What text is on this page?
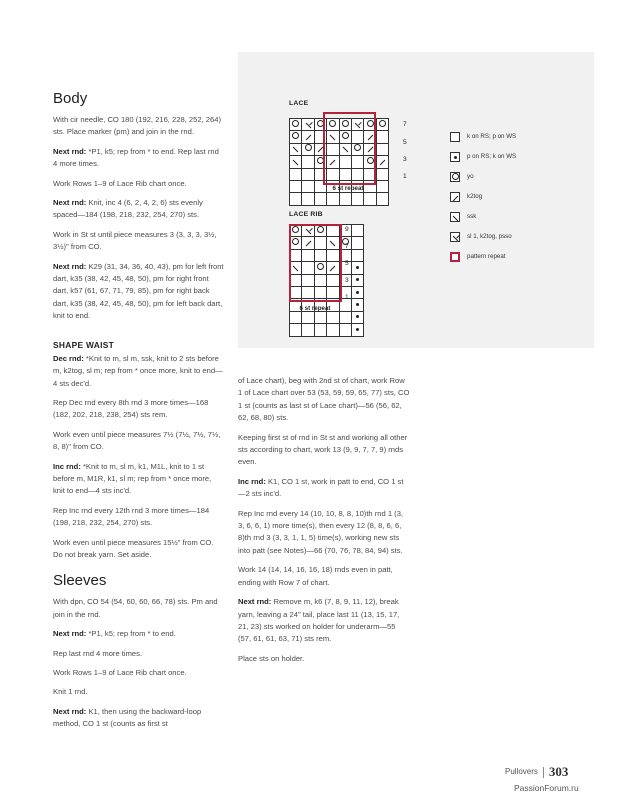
Body

With cir needle, CO 180 (192, 216, 228, 252, 264) sts. Place marker (pm) and join in the rnd.

Next rnd: *P1, k5; rep from * to end. Rep last rnd 4 more times.

Work Rows 1–9 of Lace Rib chart once.

Next rnd: Knit, inc 4 (6, 2, 4, 2, 6) sts evenly spaced—184 (198, 218, 232, 254, 270) sts.

Work in St st until piece measures 3 (3, 3, 3, 3½, 3½)" from CO.

Next rnd: K29 (31, 34, 36, 40, 43), pm for left front dart, k35 (38, 42, 45, 48, 50), pm for right front dart, k57 (61, 67, 71, 79, 85), pm for right back dart, k35 (38, 42, 45, 48, 50), pm for left back dart, knit to end.

SHAPE WAIST

Dec rnd: *Knit to m, sl m, ssk, knit to 2 sts before m, k2tog, sl m; rep from * once more, knit to end—4 sts dec'd.

Rep Dec rnd every 8th rnd 3 more times—168 (182, 202, 218, 238, 254) sts rem.

Work even until piece measures 7½ (7½, 7½, 7½, 8, 8)" from CO.

Inc rnd: *Knit to m, sl m, k1, M1L, knit to 1 st before m, M1R, k1, sl m; rep from * once more, knit to end—4 sts inc'd.

Rep Inc rnd every 12th rnd 3 more times—184 (198, 218, 232, 254, 270) sts.

Work even until piece measures 15½" from CO. Do not break yarn. Set aside.

Sleeves

With dpn, CO 54 (54, 60, 60, 66, 78) sts. Pm and join in the rnd.

Next rnd: *P1, k5; rep from * to end.

Rep last rnd 4 more times.

Work Rows 1–9 of Lace Rib chart once.

Knit 1 rnd.

Next rnd: K1, then using the backward-loop method, CO 1 st (counts as first st

of Lace chart), beg with 2nd st of chart, work Row 1 of Lace chart over 53 (53, 59, 59, 65, 77) sts, CO 1 st (counts as last st of Lace chart)—56 (56, 62, 62, 68, 80) sts.

Keeping first st of rnd in St st and working all other sts according to chart, work 13 (9, 9, 7, 7, 9) rnds even.

Inc rnd: K1, CO 1 st, work in patt to end, CO 1 st—2 sts inc'd.

Rep Inc rnd every 14 (10, 10, 8, 8, 10)th rnd 1 (3, 3, 6, 6, 1) more time(s), then every 12 (8, 8, 6, 6, 8)th rnd 3 (3, 3, 1, 1, 5) time(s), working new sts into patt (see Notes)—66 (70, 76, 78, 84, 94) sts.

Work 14 (14, 14, 16, 16, 18) rnds even in patt, ending with Row 7 of chart.

Next rnd: Remove m, k6 (7, 8, 9, 11, 12), break yarn, leaving a 24" tail, place last 11 (13, 15, 17, 21, 23) sts worked on holder for underarm—55 (57, 61, 61, 63, 71) sts rem.

Place sts on holder.

LACE

7
5
3
1
6 st repeat
LACE RIB

9
7
5
3
1
6 st repeat
k on RS; p on WS
p on RS; k on WS
yo
k2tog
ssk
sl 1, k2tog, psso
pattern repeat
Pullovers 303
PassionForum.ru
